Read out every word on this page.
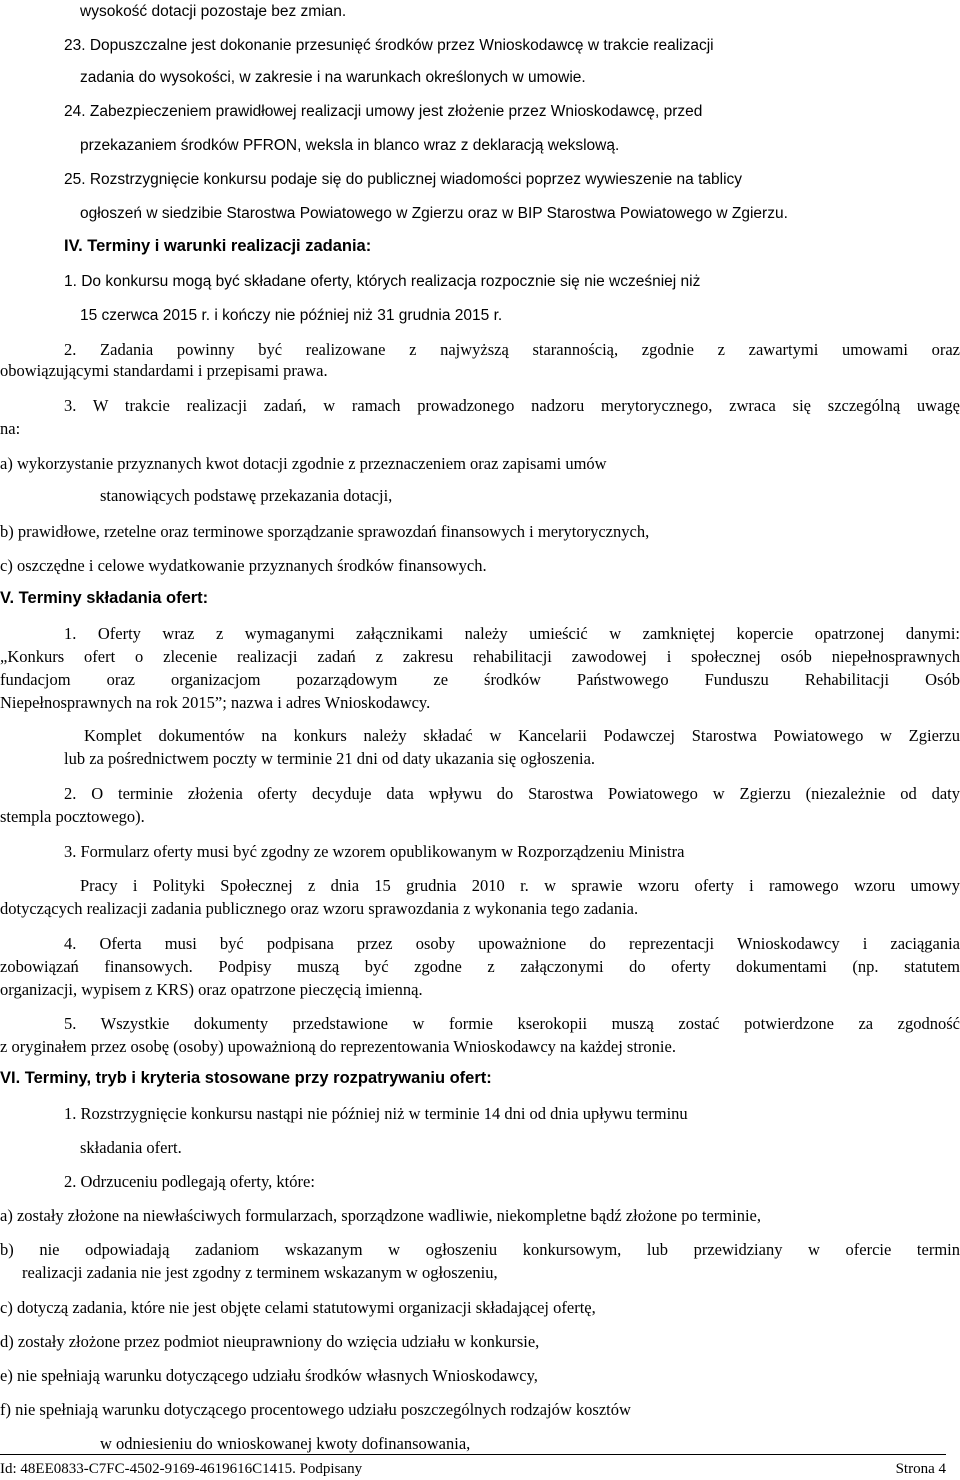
wysokość dotacji pozostaje bez zmian.
23. Dopuszczalne jest dokonanie przesunięć środków przez Wnioskodawcę w trakcie realizacji
zadania do wysokości, w zakresie i na warunkach określonych w umowie.
24. Zabezpieczeniem prawidłowej realizacji umowy jest złożenie przez Wnioskodawcę, przed
przekazaniem środków PFRON, weksla in blanco wraz z deklaracją wekslową.
25. Rozstrzygnięcie konkursu podaje się do publicznej wiadomości poprzez wywieszenie na tablicy
ogłoszeń w siedzibie Starostwa Powiatowego w Zgierzu oraz w BIP Starostwa Powiatowego w Zgierzu.
IV. Terminy i warunki realizacji zadania:
1. Do konkursu mogą być składane oferty, których realizacja rozpocznie się nie wcześniej niż
15 czerwca 2015 r. i kończy nie później niż 31 grudnia 2015 r.
2. Zadania powinny być realizowane z najwyższą starannością, zgodnie z zawartymi umowami oraz
obowiązującymi standardami i przepisami prawa.
3. W trakcie realizacji zadań, w ramach prowadzonego nadzoru merytorycznego, zwraca się szczególną uwagę
na:
a) wykorzystanie przyznanych kwot dotacji zgodnie z przeznaczeniem oraz zapisami umów
stanowiących podstawę przekazania dotacji,
b) prawidłowe, rzetelne oraz terminowe sporządzanie sprawozdań finansowych i merytorycznych,
c) oszczędne i celowe wydatkowanie przyznanych środków finansowych.
V. Terminy składania ofert:
1. Oferty wraz z wymaganymi załącznikami należy umieścić w zamkniętej kopercie opatrzonej danymi:
„Konkurs ofert o zlecenie realizacji zadań z zakresu rehabilitacji zawodowej i społecznej osób niepełnosprawnych
fundacjom oraz organizacjom pozarządowym ze środków Państwowego Funduszu Rehabilitacji Osób
Niepełnosprawnych na rok 2015”; nazwa i adres Wnioskodawcy.
Komplet dokumentów na konkurs należy składać w Kancelarii Podawczej Starostwa Powiatowego w Zgierzu
lub za pośrednictwem poczty w terminie 21 dni od daty ukazania się ogłoszenia.
2. O terminie złożenia oferty decyduje data wpływu do Starostwa Powiatowego w Zgierzu (niezależnie od daty
stempla pocztowego).
3. Formularz oferty musi być zgodny ze wzorem opublikowanym w Rozporządzeniu Ministra
Pracy i Polityki Społecznej z dnia 15 grudnia 2010 r. w sprawie wzoru oferty i ramowego wzoru umowy
dotyczących realizacji zadania publicznego oraz wzoru sprawozdania z wykonania tego zadania.
4. Oferta musi być podpisana przez osoby upoważnione do reprezentacji Wnioskodawcy i zaciągania
zobowiązań finansowych. Podpisy muszą być zgodne z załączonymi do oferty dokumentami (np. statutem
organizacji, wypisem z KRS) oraz opatrzone pieczęcią imienną.
5. Wszystkie dokumenty przedstawione w formie kserokopii muszą zostać potwierdzone za zgodność
z oryginałem przez osobę (osoby) upoważnioną do reprezentowania Wnioskodawcy na każdej stronie.
VI. Terminy, tryb i kryteria stosowane przy rozpatrywaniu ofert:
1. Rozstrzygnięcie konkursu nastąpi nie później niż w terminie 14 dni od dnia upływu terminu
składania ofert.
2. Odrzuceniu podlegają oferty, które:
a) zostały złożone na niewłaściwych formularzach, sporządzone wadliwie, niekompletne bądź złożone po terminie,
b) nie odpowiadają zadaniom wskazanym w ogłoszeniu konkursowym, lub przewidziany w ofercie termin
realizacji zadania nie jest zgodny z terminem wskazanym w ogłoszeniu,
c) dotyczą zadania, które nie jest objęte celami statutowymi organizacji składającej ofertę,
d) zostały złożone przez podmiot nieuprawniony do wzięcia udziału w konkursie,
e) nie spełniają warunku dotyczącego udziału środków własnych Wnioskodawcy,
f) nie spełniają warunku dotyczącego procentowego udziału poszczególnych rodzajów kosztów
w odniesieniu do wnioskowanej kwoty dofinansowania,
Id: 48EE0833-C7FC-4502-9169-4619616C1415. Podpisany	Strona 4
